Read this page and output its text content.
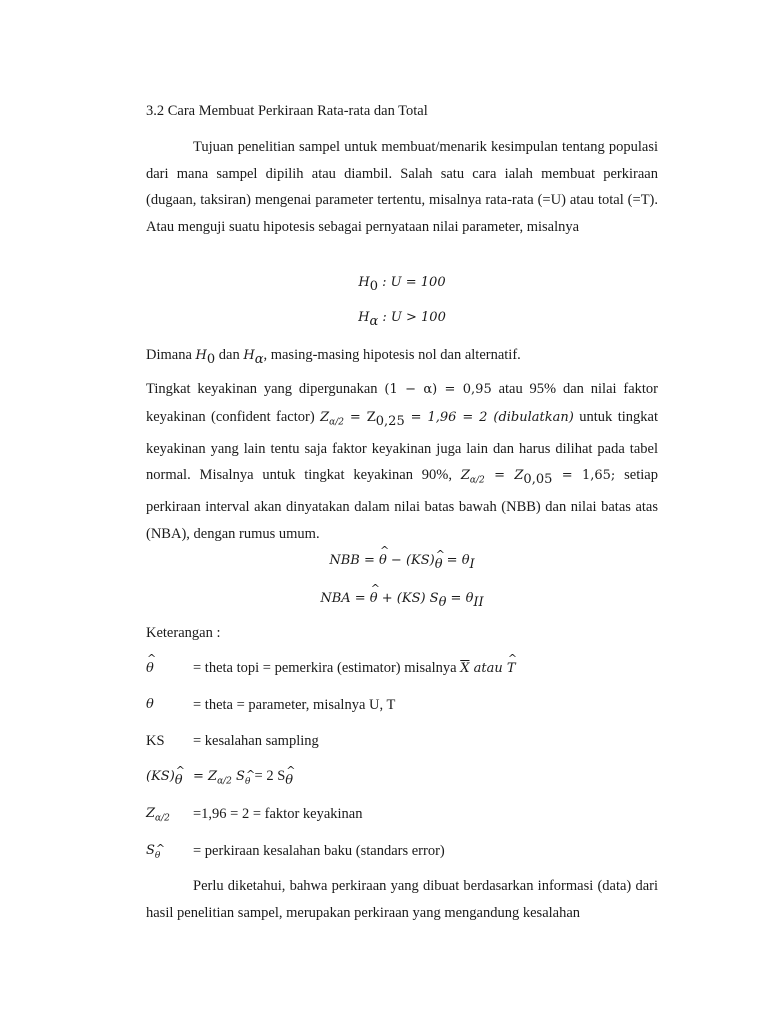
3.2 Cara Membuat Perkiraan Rata-rata dan Total

Tujuan penelitian sampel untuk membuat/menarik kesimpulan tentang populasi dari mana sampel dipilih atau diambil. Salah satu cara ialah membuat perkiraan (dugaan, taksiran) mengenai parameter tertentu, misalnya rata-rata (=U) atau total (=T). Atau menguji suatu hipotesis sebagai pernyataan nilai parameter, misalnya

$H_0$ : U = 100
$H_\alpha$ : U > 100

Dimana $H_0$ dan $H_\alpha$, masing-masing hipotesis nol dan alternatif.

Tingkat keyakinan yang dipergunakan (1 − α) = 0,95 atau 95% dan nilai faktor keyakinan (confident factor) $Z_{\alpha/2} = Z_{0,25} = 1,96 = 2$ (dibulatkan) untuk tingkat keyakinan yang lain tentu saja faktor keyakinan juga lain dan harus dilihat pada tabel normal. Misalnya untuk tingkat keyakinan 90%, $Z_{\alpha/2} = Z_{0,05} = 1,65$; setiap perkiraan interval akan dinyatakan dalam nilai batas bawah (NBB) dan nilai batas atas (NBA), dengan rumus umum.

NBB = ^ θ − (KS)^ $_\theta = \theta_I$
NBA = ^ θ + (KS) $S_\theta = \theta_{II}$
Keterangan :
^ θ	= theta topi = pemerkira (estimator) misalnya $\overline{X}$ atau ^ T
θ	= theta = parameter, misalnya U, T
KS = kesalahan sampling
(KS)^ $_\theta = Z_{\alpha/2}$ S^ $_\theta$ = 2 S^ $_\theta$
$Z_{\alpha/2} =1,96 = 2$ = faktor keyakinan
S^ $_\theta$ = perkiraan kesalahan baku (standars error)

Perlu diketahui, bahwa perkiraan yang dibuat berdasarkan informasi (data) dari hasil penelitian sampel, merupakan perkiraan yang mengandung kesalahan
